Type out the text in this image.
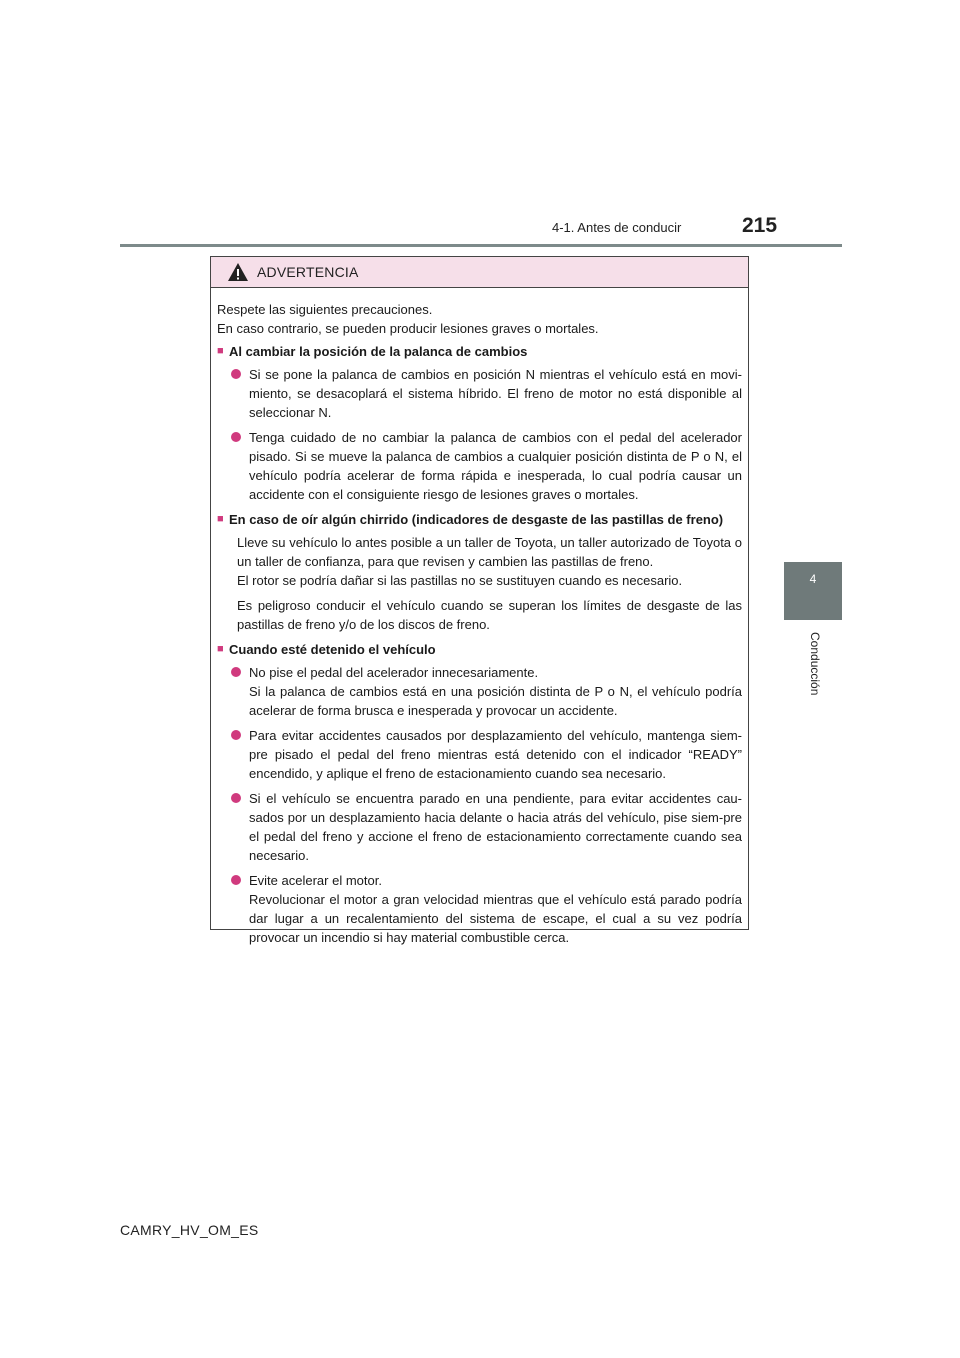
4-1. Antes de conducir	215
4
Conducción
ADVERTENCIA

Respete las siguientes precauciones.

En caso contrario, se pueden producir lesiones graves o mortales.

■ Al cambiar la posición de la palanca de cambios
Si se pone la palanca de cambios en posición N mientras el vehículo está en movi-miento, se desacoplará el sistema híbrido. El freno de motor no está disponible al seleccionar N.
Tenga cuidado de no cambiar la palanca de cambios con el pedal del acelerador pisado. Si se mueve la palanca de cambios a cualquier posición distinta de P o N, el vehículo podría acelerar de forma rápida e inesperada, lo cual podría causar un accidente con el consiguiente riesgo de lesiones graves o mortales.
■ En caso de oír algún chirrido (indicadores de desgaste de las pastillas de freno)
Lleve su vehículo lo antes posible a un taller de Toyota, un taller autorizado de Toyota o un taller de confianza, para que revisen y cambien las pastillas de freno.
El rotor se podría dañar si las pastillas no se sustituyen cuando es necesario.
Es peligroso conducir el vehículo cuando se superan los límites de desgaste de las pastillas de freno y/o de los discos de freno.
■ Cuando esté detenido el vehículo
No pise el pedal del acelerador innecesariamente.
Si la palanca de cambios está en una posición distinta de P o N, el vehículo podría acelerar de forma brusca e inesperada y provocar un accidente.
Para evitar accidentes causados por desplazamiento del vehículo, mantenga siem-pre pisado el pedal del freno mientras está detenido con el indicador “READY” encendido, y aplique el freno de estacionamiento cuando sea necesario.
Si el vehículo se encuentra parado en una pendiente, para evitar accidentes cau-sados por un desplazamiento hacia delante o hacia atrás del vehículo, pise siem-pre el pedal del freno y accione el freno de estacionamiento correctamente cuando sea necesario.
Evite acelerar el motor.
Revolucionar el motor a gran velocidad mientras que el vehículo está parado podría dar lugar a un recalentamiento del sistema de escape, el cual a su vez podría provocar un incendio si hay material combustible cerca.
CAMRY_HV_OM_ES
